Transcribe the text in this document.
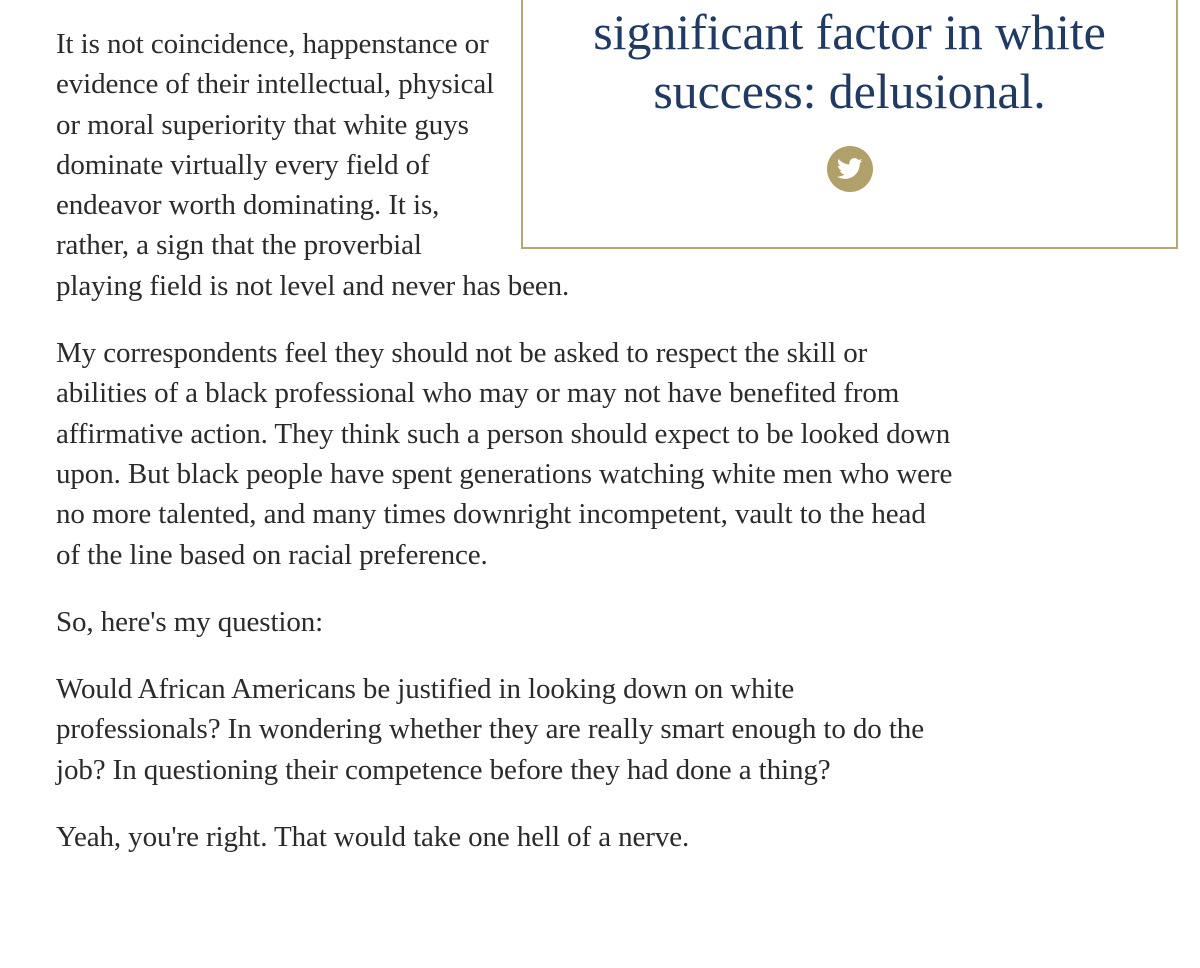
significant factor in white success: delusional.

It is not coincidence, happenstance or evidence of their intellectual, physical or moral superiority that white guys dominate virtually every field of endeavor worth dominating. It is, rather, a sign that the proverbial playing field is not level and never has been.

My correspondents feel they should not be asked to respect the skill or abilities of a black professional who may or may not have benefited from affirmative action. They think such a person should expect to be looked down upon. But black people have spent generations watching white men who were no more talented, and many times downright incompetent, vault to the head of the line based on racial preference.

So, here's my question:

Would African Americans be justified in looking down on white professionals? In wondering whether they are really smart enough to do the job? In questioning their competence before they had done a thing?

Yeah, you're right. That would take one hell of a nerve.
